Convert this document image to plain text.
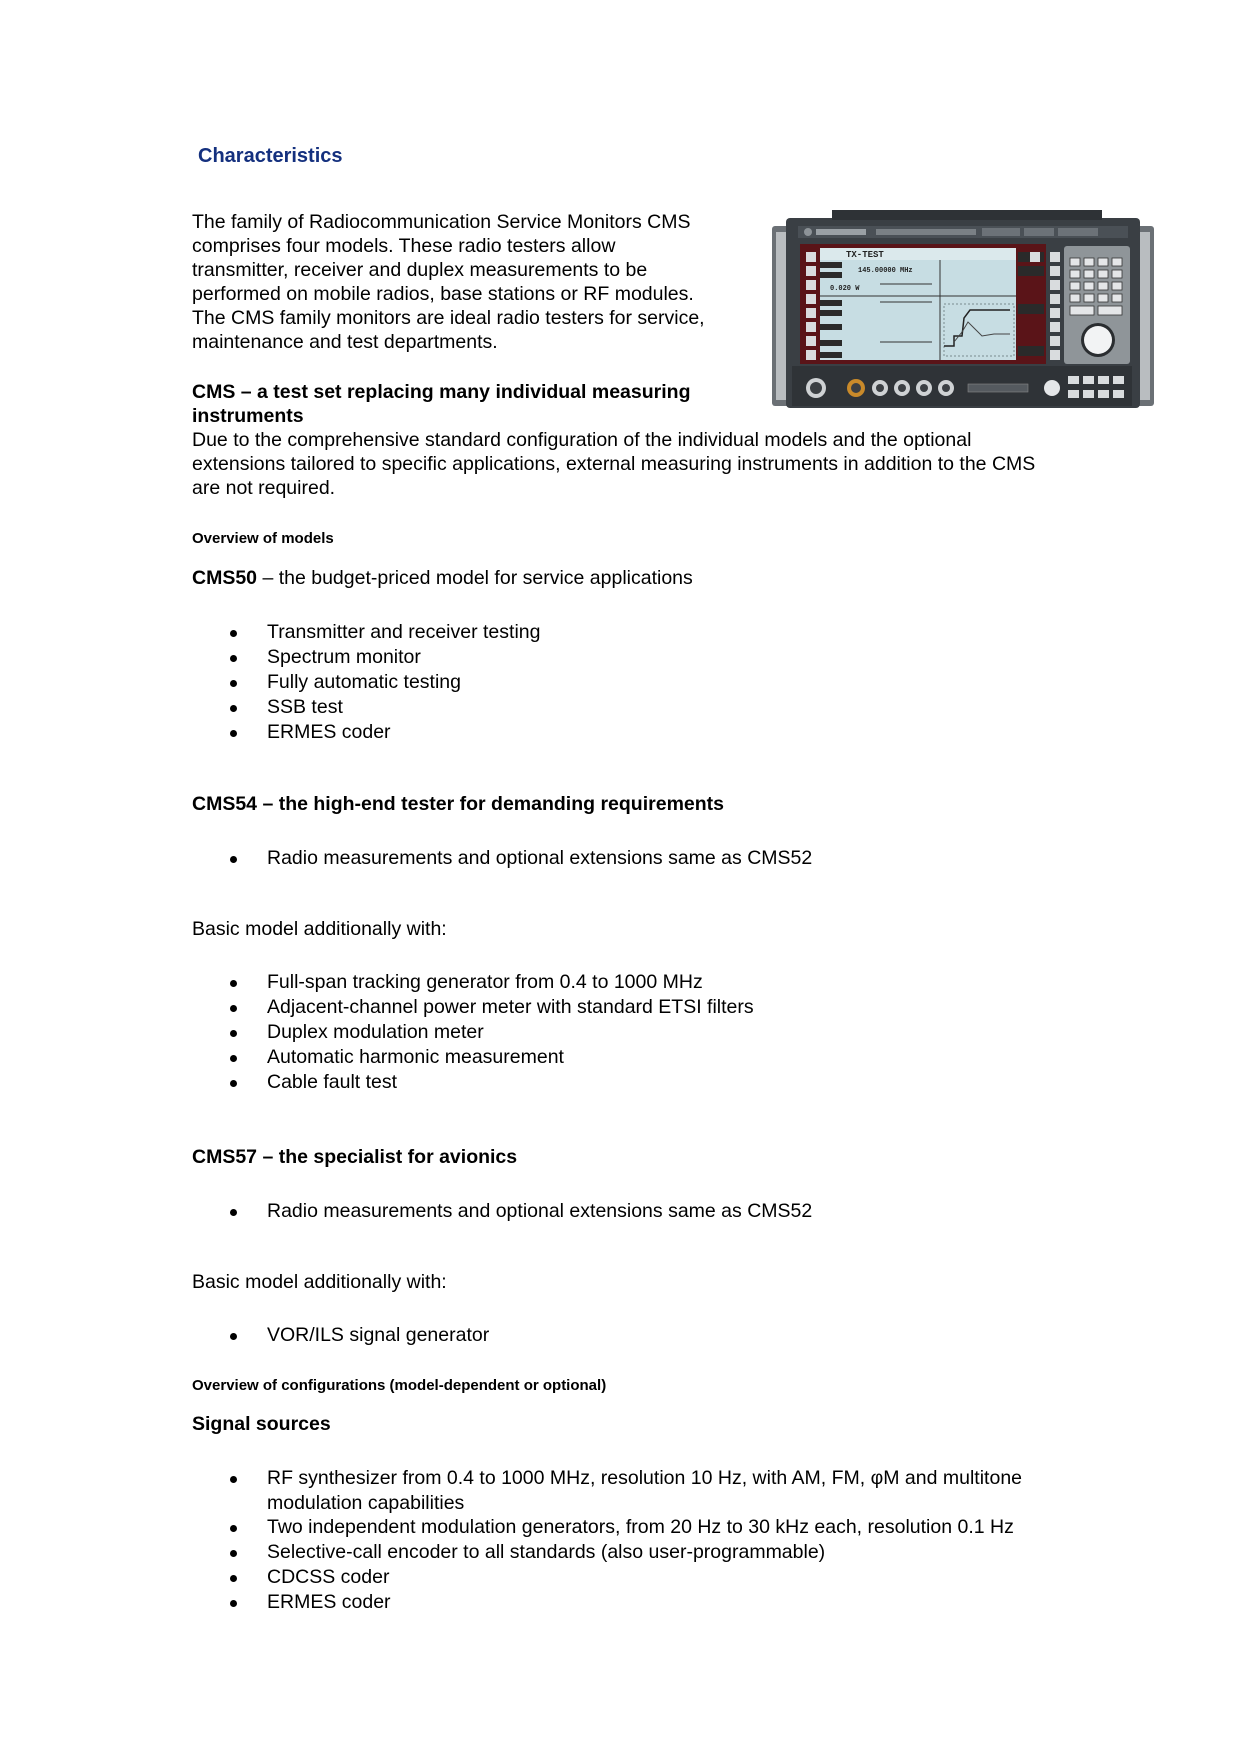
Characteristics
The family of Radiocommunication Service Monitors CMS
comprises four models. These radio testers allow
transmitter, receiver and duplex measurements to be
performed on mobile radios, base stations or RF modules.
The CMS family monitors are ideal radio testers for service,
maintenance and test departments.
TX-TEST
145.00000 MHz
0.020 W
CMS – a test set replacing many individual measuring
instruments
Due to the comprehensive standard configuration of the individual models and the optional
extensions tailored to specific applications, external measuring instruments in addition to the CMS
are not required.
Overview of models
CMS50 – the budget-priced model for service applications
Transmitter and receiver testing
Spectrum monitor
Fully automatic testing
SSB test
ERMES coder
CMS54 – the high-end tester for demanding requirements
Radio measurements and optional extensions same as CMS52
Basic model additionally with:
Full-span tracking generator from 0.4 to 1000 MHz
Adjacent-channel power meter with standard ETSI filters
Duplex modulation meter
Automatic harmonic measurement
Cable fault test
CMS57 – the specialist for avionics
Radio measurements and optional extensions same as CMS52
Basic model additionally with:
VOR/ILS signal generator
Overview of configurations (model-dependent or optional)
Signal sources
RF synthesizer from 0.4 to 1000 MHz, resolution 10 Hz, with AM, FM, φM and multitone modulation capabilities
Two independent modulation generators, from 20 Hz to 30 kHz each, resolution 0.1 Hz
Selective-call encoder to all standards (also user-programmable)
CDCSS coder
ERMES coder
